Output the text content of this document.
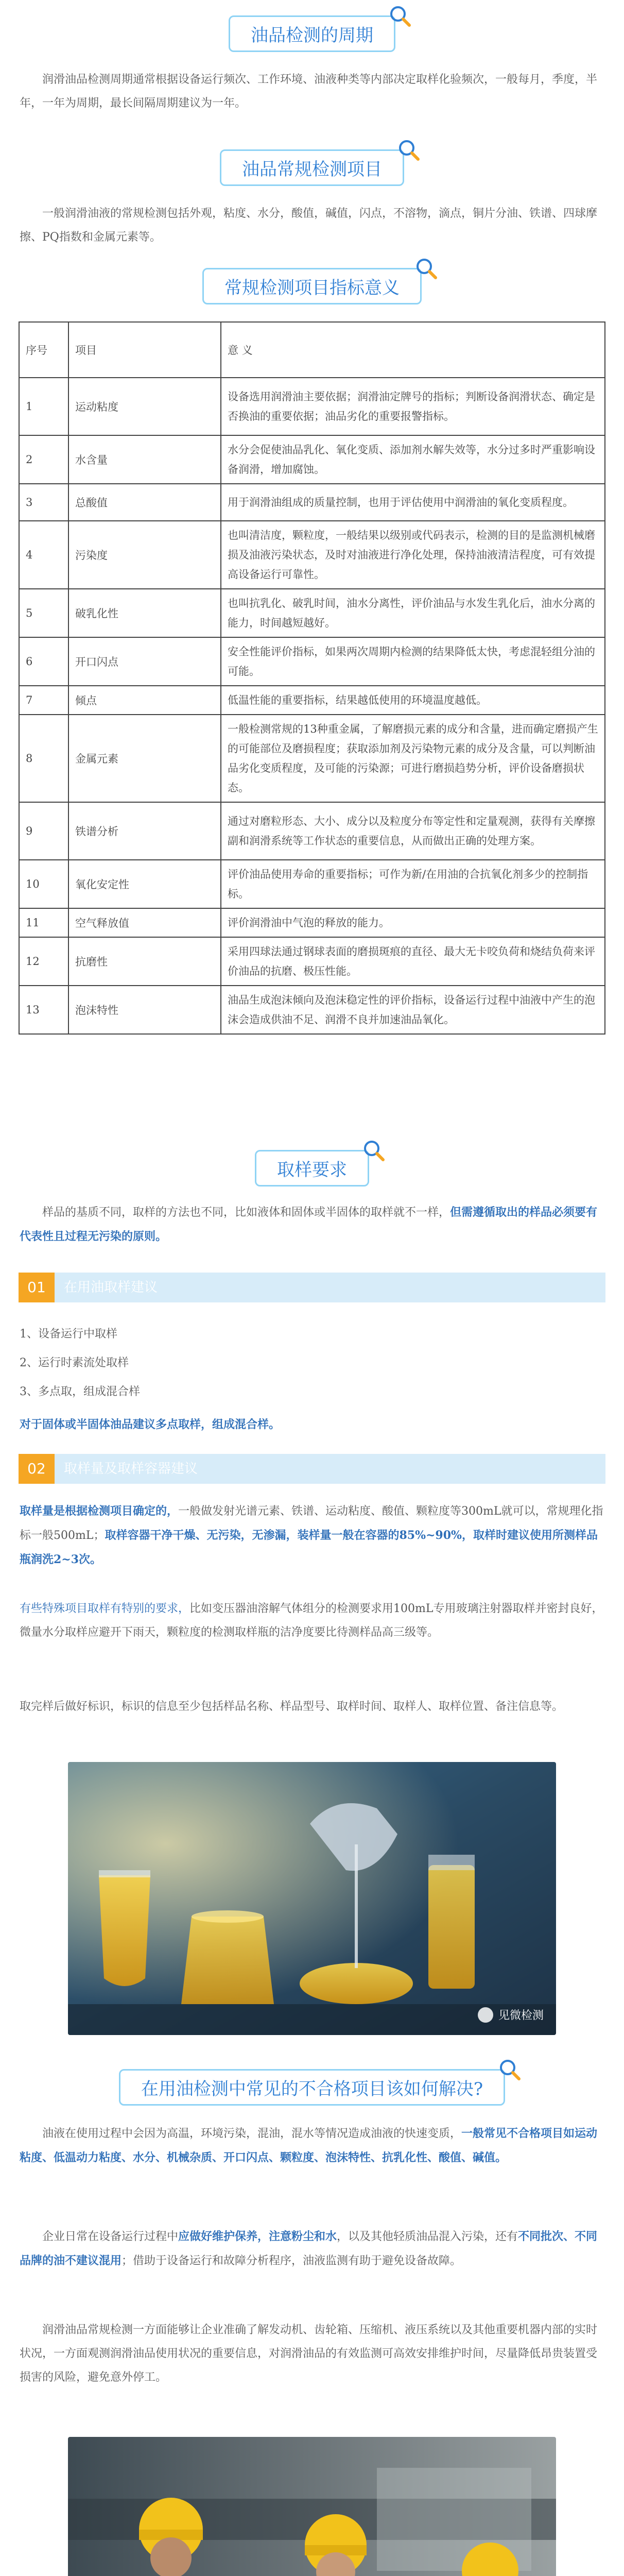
油品检测的周期

润滑油品检测周期通常根据设备运行频次、工作环境、油液种类等内部决定取样化验频次，一般每月，季度，半年，一年为周期，最长间隔周期建议为一年。

油品常规检测项目

一般润滑油液的常规检测包括外观，粘度、水分，酸值，碱值，闪点，不溶物，滴点，铜片分油、铁谱、四球摩擦、PQ指数和金属元素等。

常规检测项目指标意义
序号	项目	意 义
1	运动粘度	设备选用润滑油主要依据；润滑油定牌号的指标；判断设备润滑状态、确定是否换油的重要依据；油品劣化的重要报警指标。
2	水含量	水分会促使油品乳化、氧化变质、添加剂水解失效等，水分过多时严重影响设备润滑，增加腐蚀。
3	总酸值	用于润滑油组成的质量控制，也用于评估使用中润滑油的氧化变质程度。
4	污染度	也叫清洁度，颗粒度，一般结果以级别或代码表示，检测的目的是监测机械磨损及油液污染状态，及时对油液进行净化处理，保持油液清洁程度，可有效提高设备运行可靠性。
5	破乳化性	也叫抗乳化、破乳时间，油水分离性，评价油品与水发生乳化后，油水分离的能力，时间越短越好。
6	开口闪点	安全性能评价指标，如果两次周期内检测的结果降低太快，考虑混轻组分油的可能。
7	倾点	低温性能的重要指标，结果越低使用的环境温度越低。
8	金属元素	一般检测常规的13种重金属，了解磨损元素的成分和含量，进而确定磨损产生的可能部位及磨损程度；获取添加剂及污染物元素的成分及含量，可以判断油品劣化变质程度，及可能的污染源；可进行磨损趋势分析，评价设备磨损状态。
9	铁谱分析	通过对磨粒形态、大小、成分以及粒度分布等定性和定量观测，获得有关摩擦副和润滑系统等工作状态的重要信息，从而做出正确的处理方案。
10	氧化安定性	评价油品使用寿命的重要指标；可作为新/在用油的合抗氧化剂多少的控制指标。
11	空气释放值	评价润滑油中气泡的释放的能力。
12	抗磨性	采用四球法通过钢球表面的磨损斑痕的直径、最大无卡咬负荷和烧结负荷来评价油品的抗磨、极压性能。
13	泡沫特性	油品生成泡沫倾向及泡沫稳定性的评价指标，设备运行过程中油液中产生的泡沫会造成供油不足、润滑不良并加速油品氧化。
取样要求

样品的基质不同，取样的方法也不同，比如液体和固体或半固体的取样就不一样，但需遵循取出的样品必须要有代表性且过程无污染的原则。

01	在用油取样建议
1、设备运行中取样
2、运行时素流处取样
3、多点取，组成混合样
对于固体或半固体油品建议多点取样，组成混合样。
02	取样量及取样容器建议

取样量是根据检测项目确定的，一般做发射光谱元素、铁谱、运动粘度、酸值、颗粒度等300mL就可以，常规理化指标一般500mL；取样容器干净干燥、无污染，无渗漏，装样量一般在容器的85%~90%，取样时建议使用所测样品瓶润洗2~3次。

有些特殊项目取样有特别的要求，比如变压器油溶解气体组分的检测要求用100mL专用玻璃注射器取样并密封良好，微量水分取样应避开下雨天，颗粒度的检测取样瓶的洁净度要比待测样品高三级等。

取完样后做好标识，标识的信息至少包括样品名称、样品型号、取样时间、取样人、取样位置、备注信息等。

见微检测
在用油检测中常见的不合格项目该如何解决?

油液在使用过程中会因为高温，环境污染，混油，混水等情况造成油液的快速变质，一般常见不合格项目如运动粘度、低温动力粘度、水分、机械杂质、开口闪点、颗粒度、泡沫特性、抗乳化性、酸值、碱值。

企业日常在设备运行过程中应做好维护保养，注意粉尘和水，以及其他轻质油品混入污染，还有不同批次、不同品牌的油不建议混用；借助于设备运行和故障分析程序，油液监测有助于避免设备故障。

润滑油品常规检测一方面能够让企业准确了解发动机、齿轮箱、压缩机、液压系统以及其他重要机器内部的实时状况，一方面观测润滑油品使用状况的重要信息，对润滑油品的有效监测可高效安排维护时间，尽量降低昂贵装置受损害的风险，避免意外停工。
